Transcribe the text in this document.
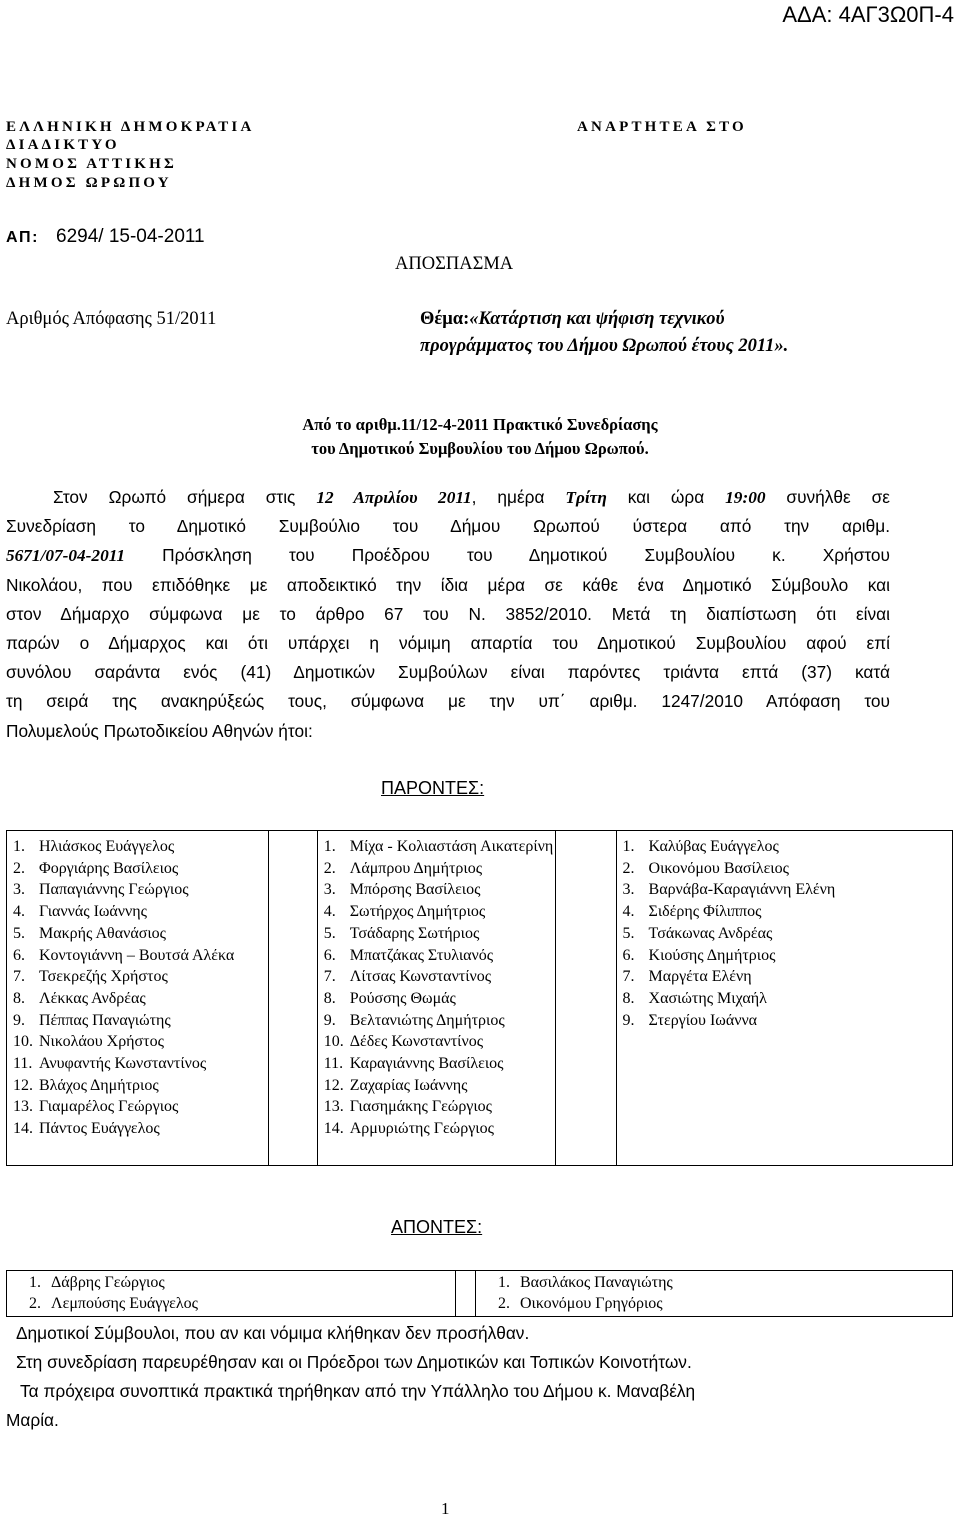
ΑΔΑ: 4ΑΓ3Ω0Π-4
ΕΛΛΗΝΙΚΗ ΔΗΜΟΚΡΑΤΙΑ
ΔΙΑΔΙΚΤΥΟ
ΝΟΜΟΣ ΑΤΤΙΚΗΣ
ΔΗΜΟΣ ΩΡΩΠΟΥ
ΑΝΑΡΤΗΤΕΑ ΣΤΟ
ΑΠ: 6294/ 15-04-2011
ΑΠΟΣΠΑΣΜΑ
Αριθμός Απόφασης 51/2011	Θέμα:«Κατάρτιση και ψήφιση τεχνικού
προγράμματος του Δήμου Ωρωπού έτους 2011».
Από το αριθμ.11/12-4-2011 Πρακτικό Συνεδρίασης
του Δημοτικού Συμβουλίου του Δήμου Ωρωπού.
Στον Ωρωπό σήμερα στις 12 Απριλίου 2011, ημέρα Τρίτη και ώρα 19:00 συνήλθε σε
Συνεδρίαση το Δημοτικό Συμβούλιο του Δήμου Ωρωπού ύστερα από την αριθμ.
5671/07-04-2011 Πρόσκληση του Προέδρου του Δημοτικού Συμβουλίου κ. Χρήστου
Νικολάου, που επιδόθηκε με αποδεικτικό την ίδια μέρα σε κάθε ένα Δημοτικό Σύμβουλο και
στον Δήμαρχο σύμφωνα με το άρθρο 67 του Ν. 3852/2010. Μετά τη διαπίστωση ότι είναι
παρών ο Δήμαρχος και ότι υπάρχει η νόμιμη απαρτία του Δημοτικού Συμβουλίου αφού επί
συνόλου σαράντα ενός (41) Δημοτικών Συμβούλων είναι παρόντες τριάντα επτά (37) κατά
τη σειρά της ανακηρύξεώς τους, σύμφωνα με την υπ΄ αριθμ. 1247/2010 Απόφαση του
Πολυμελούς Πρωτοδικείου Αθηνών ήτοι:
ΠΑΡΟΝΤΕΣ:
1. Ηλιάσκος Ευάγγελος
2. Φοργιάρης Βασίλειος
3. Παπαγιάννης Γεώργιος
4. Γιαννάς Ιωάννης
5. Μακρής Αθανάσιος
6. Κοντογιάννη – Βουτσά Αλέκα
7. Τσεκρεζής Χρήστος
8. Λέκκας Ανδρέας
9. Πέππας Παναγιώτης
10. Νικολάου Χρήστος
11. Ανυφαντής Κωνσταντίνος
12. Βλάχος Δημήτριος
13. Γιαμαρέλος Γεώργιος
14. Πάντος Ευάγγελος

1. Μίχα - Κολιαστάση Αικατερίνη
2. Λάμπρου Δημήτριος
3. Μπόρσης Βασίλειος
4. Σωτήρχος Δημήτριος
5. Τσάδαρης Σωτήριος
6. Μπατζάκας Στυλιανός
7. Λίτσας Κωνσταντίνος
8. Ρούσσης Θωμάς
9. Βελτανιώτης Δημήτριος
10. Δέδες Κωνσταντίνος
11. Καραγιάννης Βασίλειος
12. Ζαχαρίας Ιωάννης
13. Γιασημάκης Γεώργιος
14. Αρμυριώτης Γεώργιος

1. Καλύβας Ευάγγελος
2. Οικονόμου Βασίλειος
3. Βαρνάβα-Καραγιάννη Ελένη
4. Σιδέρης Φίλιππος
5. Τσάκωνας Ανδρέας
6. Κιούσης Δημήτριος
7. Μαργέτα Ελένη
8. Χασιώτης Μιχαήλ
9. Στεργίου Ιωάννα
ΑΠΟΝΤΕΣ:
1. Δάβρης Γεώργιος
2. Λεμπούσης Ευάγγελος

1. Βασιλάκος Παναγιώτης
2. Οικονόμου Γρηγόριος
Δημοτικοί Σύμβουλοι, που αν και νόμιμα κλήθηκαν δεν προσήλθαν.
Στη συνεδρίαση παρευρέθησαν και οι Πρόεδροι των Δημοτικών και Τοπικών Κοινοτήτων.
Τα πρόχειρα συνοπτικά πρακτικά τηρήθηκαν από την Υπάλληλο του Δήμου κ. Μαναβέλη
Μαρία.
1
